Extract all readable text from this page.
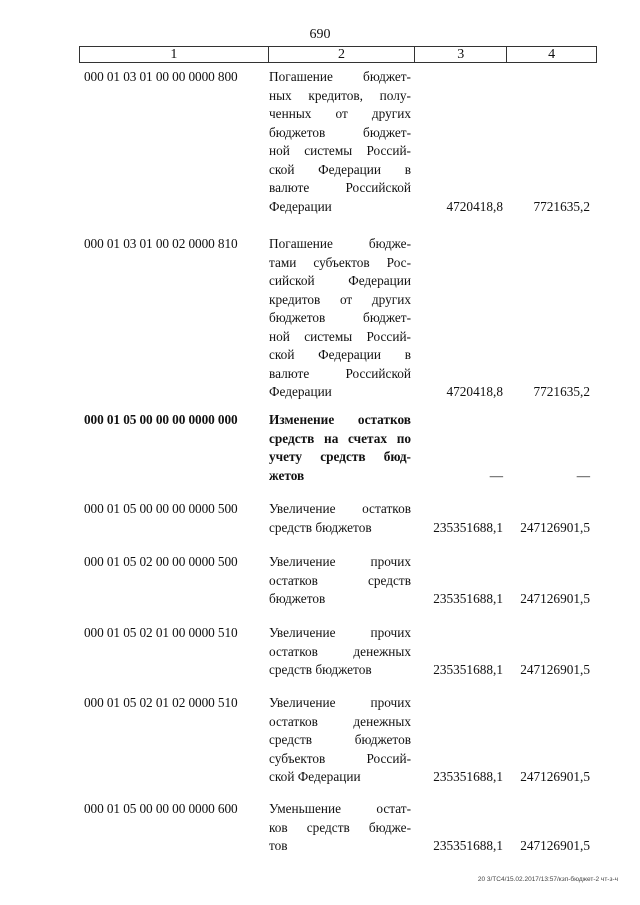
690
1	2	3	4
000 01 03 01 00 00 0000 800 Погашение бюджет-
ных кредитов, полу-
ченных от других
бюджетов бюджет-
ной системы Россий-
ской Федерации в
валюте Российской
Федерации	4720418,8	7721635,2
000 01 03 01 00 02 0000 810 Погашение бюдже-
тами субъектов Рос-
сийской Федерации
кредитов от других
бюджетов бюджет-
ной системы Россий-
ской Федерации в
валюте Российской
Федерации	4720418,8	7721635,2
000 01 05 00 00 00 0000 000 Изменение остатков
средств на счетах по
учету средств бюд-
жетов	—	—
000 01 05 00 00 00 0000 500 Увеличение остатков
средств бюджетов	235351688,1	247126901,5
000 01 05 02 00 00 0000 500 Увеличение прочих
остатков средств
бюджетов	235351688,1	247126901,5
000 01 05 02 01 00 0000 510 Увеличение прочих
остатков денежных
средств бюджетов	235351688,1	247126901,5
000 01 05 02 01 02 0000 510 Увеличение прочих
остатков денежных
средств бюджетов
субъектов Россий-
ской Федерации	235351688,1	247126901,5
000 01 05 00 00 00 0000 600 Уменьшение остат-
ков средств бюдже-
тов	235351688,1	247126901,5
20 3/ТС4/15.02.2017/13:57/кзп-бюджет-2 чт-з-ч
